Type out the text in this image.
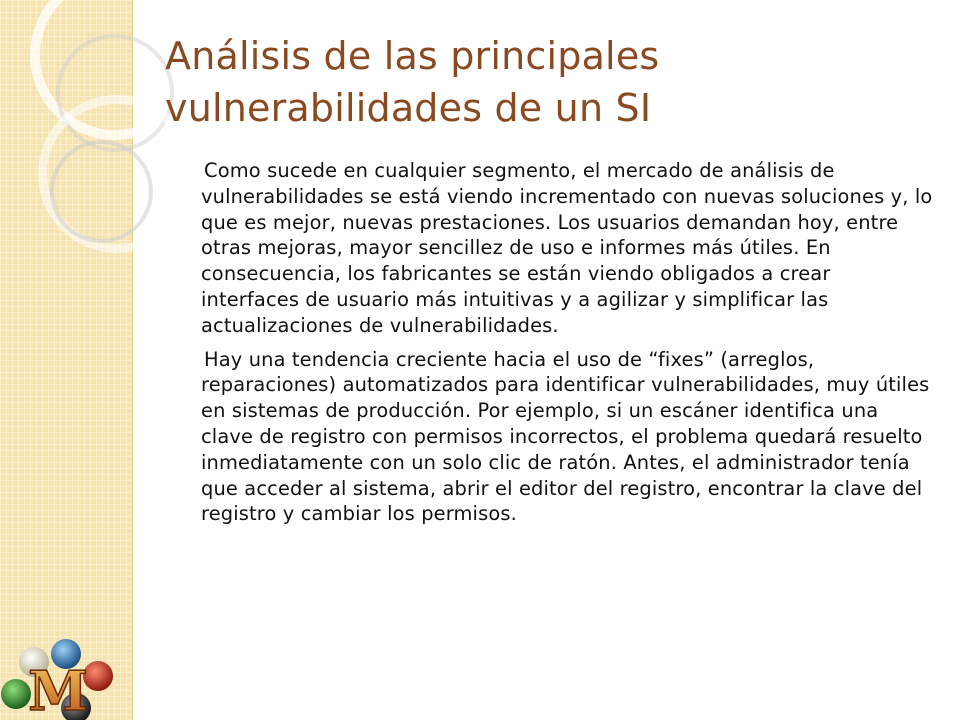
M
Análisis de las principales
vulnerabilidades de un SI

Como sucede en cualquier segmento, el mercado de análisis de vulnerabilidades se está viendo incrementado con nuevas soluciones y, lo que es mejor, nuevas prestaciones. Los usuarios demandan hoy, entre otras mejoras, mayor sencillez de uso e informes más útiles. En consecuencia, los fabricantes se están viendo obligados a crear interfaces de usuario más intuitivas y a agilizar y simplificar las actualizaciones de vulnerabilidades.

Hay una tendencia creciente hacia el uso de “fixes” (arreglos, reparaciones) automatizados para identificar vulnerabilidades, muy útiles en sistemas de producción. Por ejemplo, si un escáner identifica una clave de registro con permisos incorrectos, el problema quedará resuelto inmediatamente con un solo clic de ratón. Antes, el administrador tenía que acceder al sistema, abrir el editor del registro, encontrar la clave del registro y cambiar los permisos.
